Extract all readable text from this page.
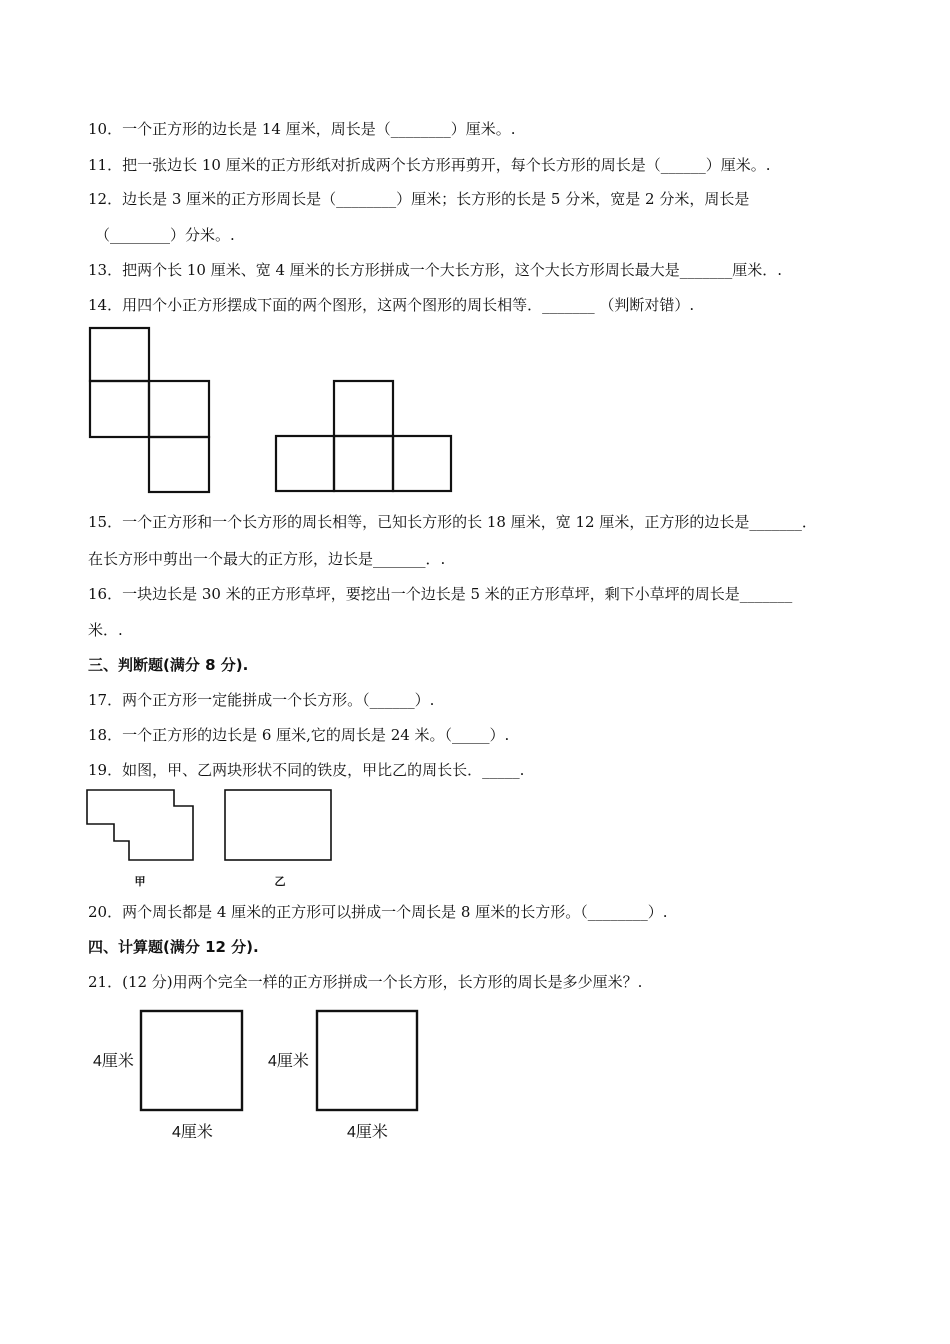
10．一个正方形的边长是 14 厘米，周长是（________）厘米。.
11．把一张边长 10 厘米的正方形纸对折成两个长方形再剪开，每个长方形的周长是（______）厘米。.
12．边长是 3 厘米的正方形周长是（________）厘米；长方形的长是 5 分米，宽是 2 分米，周长是
（________）分米。.
13．把两个长 10 厘米、宽 4 厘米的长方形拼成一个大长方形，这个大长方形周长最大是_______厘米．.
14．用四个小正方形摆成下面的两个图形，这两个图形的周长相等．_______ （判断对错）.
15．一个正方形和一个长方形的周长相等，已知长方形的长 18 厘米，宽 12 厘米，正方形的边长是_______．
在长方形中剪出一个最大的正方形，边长是_______．.
16．一块边长是 30 米的正方形草坪，要挖出一个边长是 5 米的正方形草坪，剩下小草坪的周长是_______
米．.
三、判断题(满分 8 分).
17．两个正方形一定能拼成一个长方形。（______）.
18．一个正方形的边长是 6 厘米,它的周长是 24 米。（_____）.
19．如图，甲、乙两块形状不同的铁皮，甲比乙的周长长．_____.
甲	乙
20．两个周长都是 4 厘米的正方形可以拼成一个周长是 8 厘米的长方形。（________）.
四、计算题(满分 12 分).
21．(12 分)用两个完全一样的正方形拼成一个长方形，长方形的周长是多少厘米？.
4厘米	4厘米
4厘米	4厘米
